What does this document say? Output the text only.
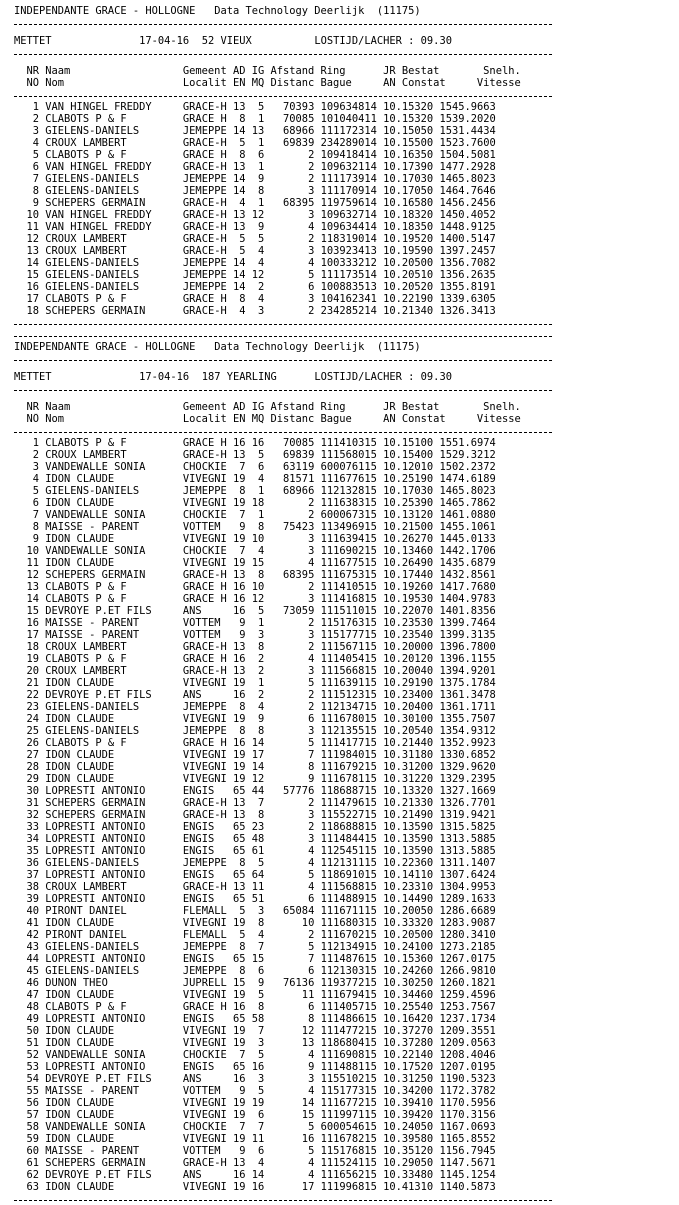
INDEPENDANTE GRACE - HOLLOGNE   Data Technology Deerlijk  (11175)
METTET              17-04-16  52 VIEUX          LOSTIJD/LACHER : 09.30
NR Naam                  Gemeent AD IG Afstand Ring      JR Bestat       Snelh.
NÖ Nom                   Localit EN MQ Distanc Bague     AN Constat     Vitesse
1 VAN HINGEL FREDDY     GRACE-H 13  5   70393 109634814 10.15320 1545.9663
2 CLABOTS P & F         GRACE H  8  1   70085 101040411 10.15320 1539.2020
3 GIELENS-DANIELS       JEMEPPE 14 13   68966 111172314 10.15050 1531.4434
4 CROUX LAMBERT         GRACE-H  5  1   69839 234289014 10.15500 1523.7600
5 CLABOTS P & F         GRACE H  8  6       2 109418414 10.16350 1504.5081
6 VAN HINGEL FREDDY     GRACE-H 13  1       2 109632114 10.17390 1477.2928
7 GIELENS-DANIELS       JEMEPPE 14  9       2 111173914 10.17030 1465.8023
8 GIELENS-DANIELS       JEMEPPE 14  8       3 111170914 10.17050 1464.7646
9 SCHEPERS GERMAIN      GRACE-H  4  1   68395 119759614 10.16580 1456.2456
10 VAN HINGEL FREDDY     GRACE-H 13 12       3 109632714 10.18320 1450.4052
11 VAN HINGEL FREDDY     GRACE-H 13  9       4 109634414 10.18350 1448.9125
12 CROUX LAMBERT         GRACE-H  5  5       2 118319014 10.19520 1400.5147
13 CROUX LAMBERT         GRACE-H  5  4       3 103923413 10.19590 1397.2457
14 GIELENS-DANIELS       JEMEPPE 14  4       4 100333212 10.20500 1356.7082
15 GIELENS-DANIELS       JEMEPPE 14 12       5 111173514 10.20510 1356.2635
16 GIELENS-DANIELS       JEMEPPE 14  2       6 100883513 10.20520 1355.8191
17 CLABOTS P & F         GRACE H  8  4       3 104162341 10.22190 1339.6305
18 SCHEPERS GERMAIN      GRACE-H  4  3       2 234285214 10.21340 1326.3413
INDEPENDANTE GRACE - HOLLOGNE   Data Technology Deerlijk  (11175)
METTET              17-04-16  187 YEARLING      LOSTIJD/LACHER : 09.30
NR Naam                  Gemeent AD IG Afstand Ring      JR Bestat       Snelh.
NÖ Nom                   Localit EN MQ Distanc Bague     AN Constat     Vitesse
1 CLABOTS P & F         GRACE H 16 16   70085 111410315 10.15100 1551.6974
2 CROUX LAMBERT         GRACE-H 13  5   69839 111568015 10.15400 1529.3212
3 VANDEWALLE SONIA      CHOCKIE  7  6   63119 600076115 10.12010 1502.2372
4 IDON CLAUDE           VIVEGNI 19  4   81571 111677615 10.25190 1474.6189
5 GIELENS-DANIELS       JEMEPPE  8  1   68966 112132815 10.17030 1465.8023
6 IDON CLAUDE           VIVEGNI 19 18       2 111638315 10.25390 1465.7862
7 VANDEWALLE SONIA      CHOCKIE  7  1       2 600067315 10.13120 1461.0880
8 MAISSE - PARENT       VOTTEM   9  8   75423 113496915 10.21500 1455.1061
9 IDON CLAUDE           VIVEGNI 19 10       3 111639415 10.26270 1445.0133
10 VANDEWALLE SONIA      CHOCKIE  7  4       3 111690215 10.13460 1442.1706
11 IDON CLAUDE           VIVEGNI 19 15       4 111677515 10.26490 1435.6879
12 SCHEPERS GERMAIN      GRACE-H 13  8   68395 111675315 10.17440 1432.8561
13 CLABOTS P & F         GRACE H 16 10       2 111410515 10.19260 1417.7680
14 CLABOTS P & F         GRACE H 16 12       3 111416815 10.19530 1404.9783
15 DEVROYE P.ET FILS     ANS     16  5   73059 111511015 10.22070 1401.8356
16 MAISSE - PARENT       VOTTEM   9  1       2 115176315 10.23530 1399.7464
17 MAISSE - PARENT       VOTTEM   9  3       3 115177715 10.23540 1399.3135
18 CROUX LAMBERT         GRACE-H 13  8       2 111567115 10.20000 1396.7800
19 CLABOTS P & F         GRACE H 16  2       4 111405415 10.20120 1396.1155
20 CROUX LAMBERT         GRACE-H 13  2       3 111566815 10.20040 1394.9201
21 IDON CLAUDE           VIVEGNI 19  1       5 111639115 10.29190 1375.1784
22 DEVROYE P.ET FILS     ANS     16  2       2 111512315 10.23400 1361.3478
23 GIELENS-DANIELS       JEMEPPE  8  4       2 112134715 10.20400 1361.1711
24 IDON CLAUDE           VIVEGNI 19  9       6 111678015 10.30100 1355.7507
25 GIELENS-DANIELS       JEMEPPE  8  8       3 112135515 10.20540 1354.9312
26 CLABOTS P & F         GRACE H 16 14       5 111417715 10.21440 1352.9923
27 IDON CLAUDE           VIVEGNI 19 17       7 111984015 10.31180 1330.6852
28 IDON CLAUDE           VIVEGNI 19 14       8 111679215 10.31200 1329.9620
29 IDON CLAUDE           VIVEGNI 19 12       9 111678115 10.31220 1329.2395
30 LOPRESTI ANTONIO      ENGIS   65 44   57776 118688715 10.13320 1327.1669
31 SCHEPERS GERMAIN      GRACE-H 13  7       2 111479615 10.21330 1326.7701
32 SCHEPERS GERMAIN      GRACE-H 13  8       3 115522715 10.21490 1319.9421
33 LOPRESTI ANTONIO      ENGIS   65 23       2 118688815 10.13590 1315.5825
34 LOPRESTI ANTONIO      ENGIS   65 48       3 111484415 10.13590 1313.5885
35 LOPRESTI ANTONIO      ENGIS   65 61       4 112545115 10.13590 1313.5885
36 GIELENS-DANIELS       JEMEPPE  8  5       4 112131115 10.22360 1311.1407
37 LOPRESTI ANTONIO      ENGIS   65 64       5 118691015 10.14110 1307.6424
38 CROUX LAMBERT         GRACE-H 13 11       4 111568815 10.23310 1304.9953
39 LOPRESTI ANTONIO      ENGIS   65 51       6 111488915 10.14490 1289.1633
40 PIRONT DANIEL         FLEMALL  5  3   65084 111671115 10.20050 1286.6689
41 IDON CLAUDE           VIVEGNI 19  8      10 111680315 10.33320 1283.9087
42 PIRONT DANIEL         FLEMALL  5  4       2 111670215 10.20500 1280.3410
43 GIELENS-DANIELS       JEMEPPE  8  7       5 112134915 10.24100 1273.2185
44 LOPRESTI ANTONIO      ENGIS   65 15       7 111487615 10.15360 1267.0175
45 GIELENS-DANIELS       JEMEPPE  8  6       6 112130315 10.24260 1266.9810
46 DUNON THEO            JUPRELL 15  9   76136 119377215 10.30250 1260.1821
47 IDON CLAUDE           VIVEGNI 19  5      11 111679415 10.34460 1259.4596
48 CLABOTS P & F         GRACE H 16  8       6 111405715 10.25540 1253.7567
49 LOPRESTI ANTONIO      ENGIS   65 58       8 111486615 10.16420 1237.1734
50 IDON CLAUDE           VIVEGNI 19  7      12 111477215 10.37270 1209.3551
51 IDON CLAUDE           VIVEGNI 19  3      13 118680415 10.37280 1209.0563
52 VANDEWALLE SONIA      CHOCKIE  7  5       4 111690815 10.22140 1208.4046
53 LOPRESTI ANTONIO      ENGIS   65 16       9 111488115 10.17520 1207.0195
54 DEVROYE P.ET FILS     ANS     16  3       3 115510215 10.31250 1190.5323
55 MAISSE - PARENT       VOTTEM   9  5       4 115177315 10.34200 1172.3782
56 IDON CLAUDE           VIVEGNI 19 19      14 111677215 10.39410 1170.5956
57 IDON CLAUDE           VIVEGNI 19  6      15 111997115 10.39420 1170.3156
58 VANDEWALLE SONIA      CHOCKIE  7  7       5 600054615 10.24050 1167.0693
59 IDON CLAUDE           VIVEGNI 19 11      16 111678215 10.39580 1165.8552
60 MAISSE - PARENT       VOTTEM   9  6       5 115176815 10.35120 1156.7945
61 SCHEPERS GERMAIN      GRACE-H 13  4       4 111524115 10.29050 1147.5671
62 DEVROYE P.ET FILS     ANS     16 14       4 111656215 10.33480 1145.1254
63 IDON CLAUDE           VIVEGNI 19 16      17 111996815 10.41310 1140.5873
